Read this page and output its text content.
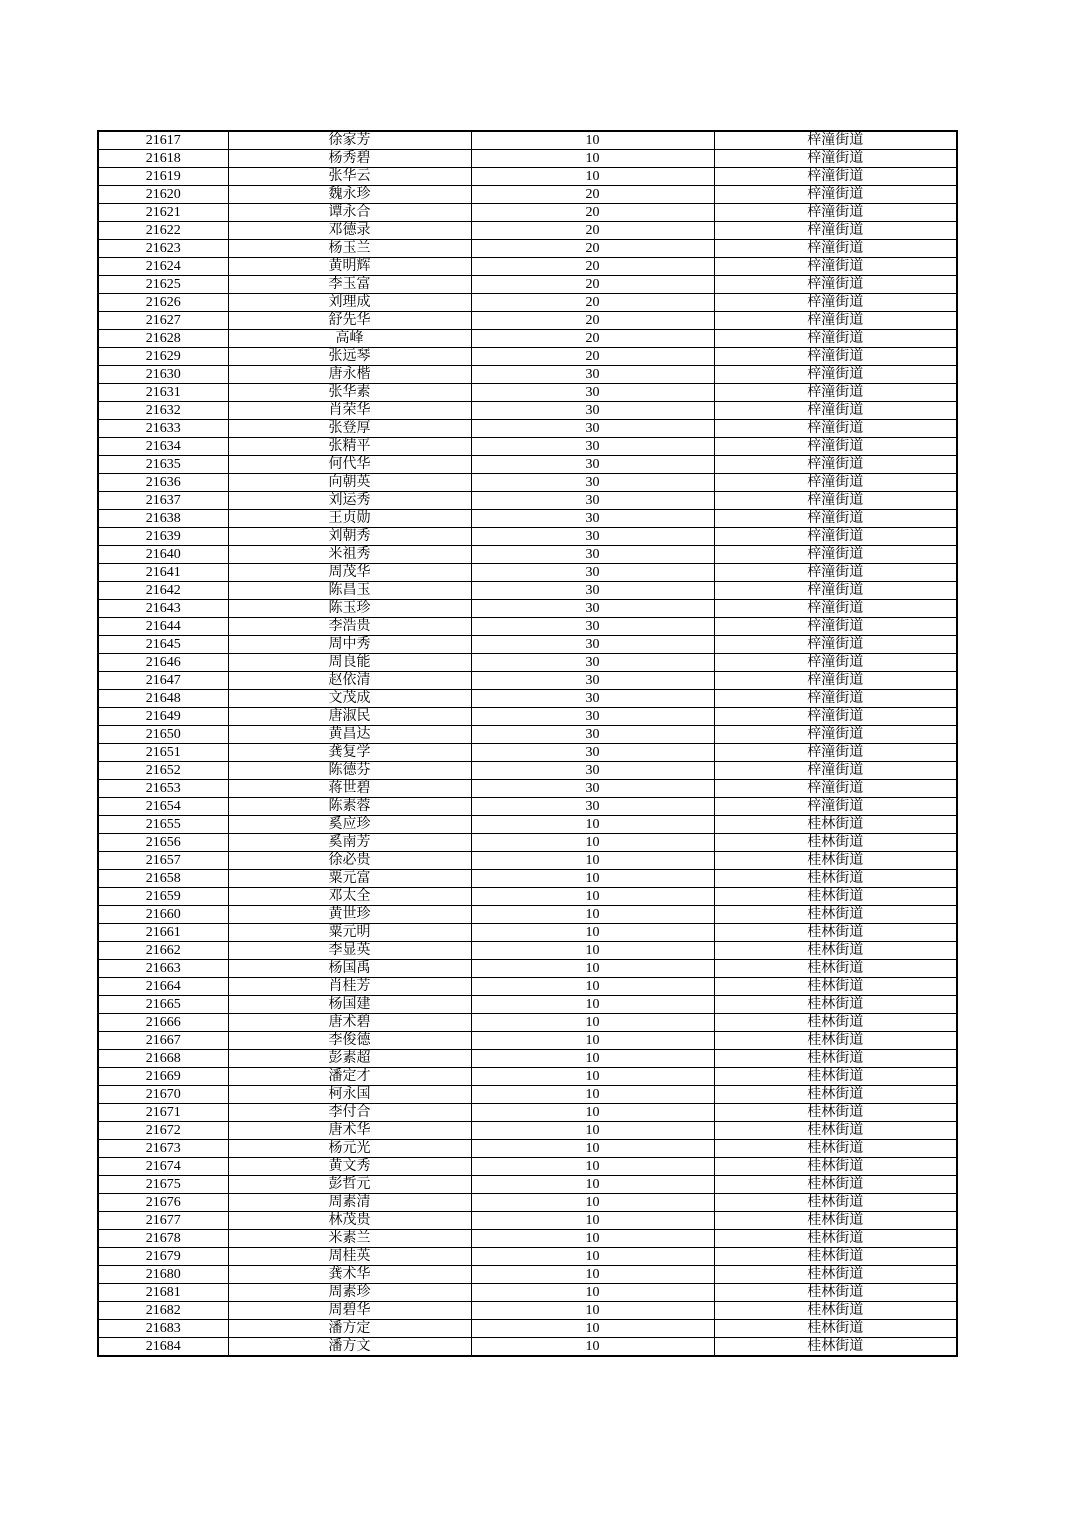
21617	徐家芳	10	梓潼街道
21618	杨秀碧	10	梓潼街道
21619	张华云	10	梓潼街道
21620	魏永珍	20	梓潼街道
21621	谭永合	20	梓潼街道
21622	邓德录	20	梓潼街道
21623	杨玉兰	20	梓潼街道
21624	黄明辉	20	梓潼街道
21625	李玉富	20	梓潼街道
21626	刘理成	20	梓潼街道
21627	舒先华	20	梓潼街道
21628	高峰	20	梓潼街道
21629	张远琴	20	梓潼街道
21630	唐永楷	30	梓潼街道
21631	张华素	30	梓潼街道
21632	肖荣华	30	梓潼街道
21633	张登厚	30	梓潼街道
21634	张精平	30	梓潼街道
21635	何代华	30	梓潼街道
21636	向朝英	30	梓潼街道
21637	刘运秀	30	梓潼街道
21638	王贞勋	30	梓潼街道
21639	刘朝秀	30	梓潼街道
21640	米祖秀	30	梓潼街道
21641	周茂华	30	梓潼街道
21642	陈昌玉	30	梓潼街道
21643	陈玉珍	30	梓潼街道
21644	李浩贵	30	梓潼街道
21645	周中秀	30	梓潼街道
21646	周良能	30	梓潼街道
21647	赵依清	30	梓潼街道
21648	文茂成	30	梓潼街道
21649	唐淑民	30	梓潼街道
21650	黄昌达	30	梓潼街道
21651	龚复学	30	梓潼街道
21652	陈德芬	30	梓潼街道
21653	蒋世碧	30	梓潼街道
21654	陈素蓉	30	梓潼街道
21655	奚应珍	10	桂林街道
21656	奚南芳	10	桂林街道
21657	徐必贵	10	桂林街道
21658	粟元富	10	桂林街道
21659	邓太全	10	桂林街道
21660	黄世珍	10	桂林街道
21661	粟元明	10	桂林街道
21662	李显英	10	桂林街道
21663	杨国禹	10	桂林街道
21664	肖桂芳	10	桂林街道
21665	杨国建	10	桂林街道
21666	唐术碧	10	桂林街道
21667	李俊德	10	桂林街道
21668	彭素超	10	桂林街道
21669	潘定才	10	桂林街道
21670	柯永国	10	桂林街道
21671	李付合	10	桂林街道
21672	唐术华	10	桂林街道
21673	杨元光	10	桂林街道
21674	黄文秀	10	桂林街道
21675	彭哲元	10	桂林街道
21676	周素清	10	桂林街道
21677	林茂贵	10	桂林街道
21678	米素兰	10	桂林街道
21679	周桂英	10	桂林街道
21680	龚术华	10	桂林街道
21681	周素珍	10	桂林街道
21682	周碧华	10	桂林街道
21683	潘方定	10	桂林街道
21684	潘方文	10	桂林街道
